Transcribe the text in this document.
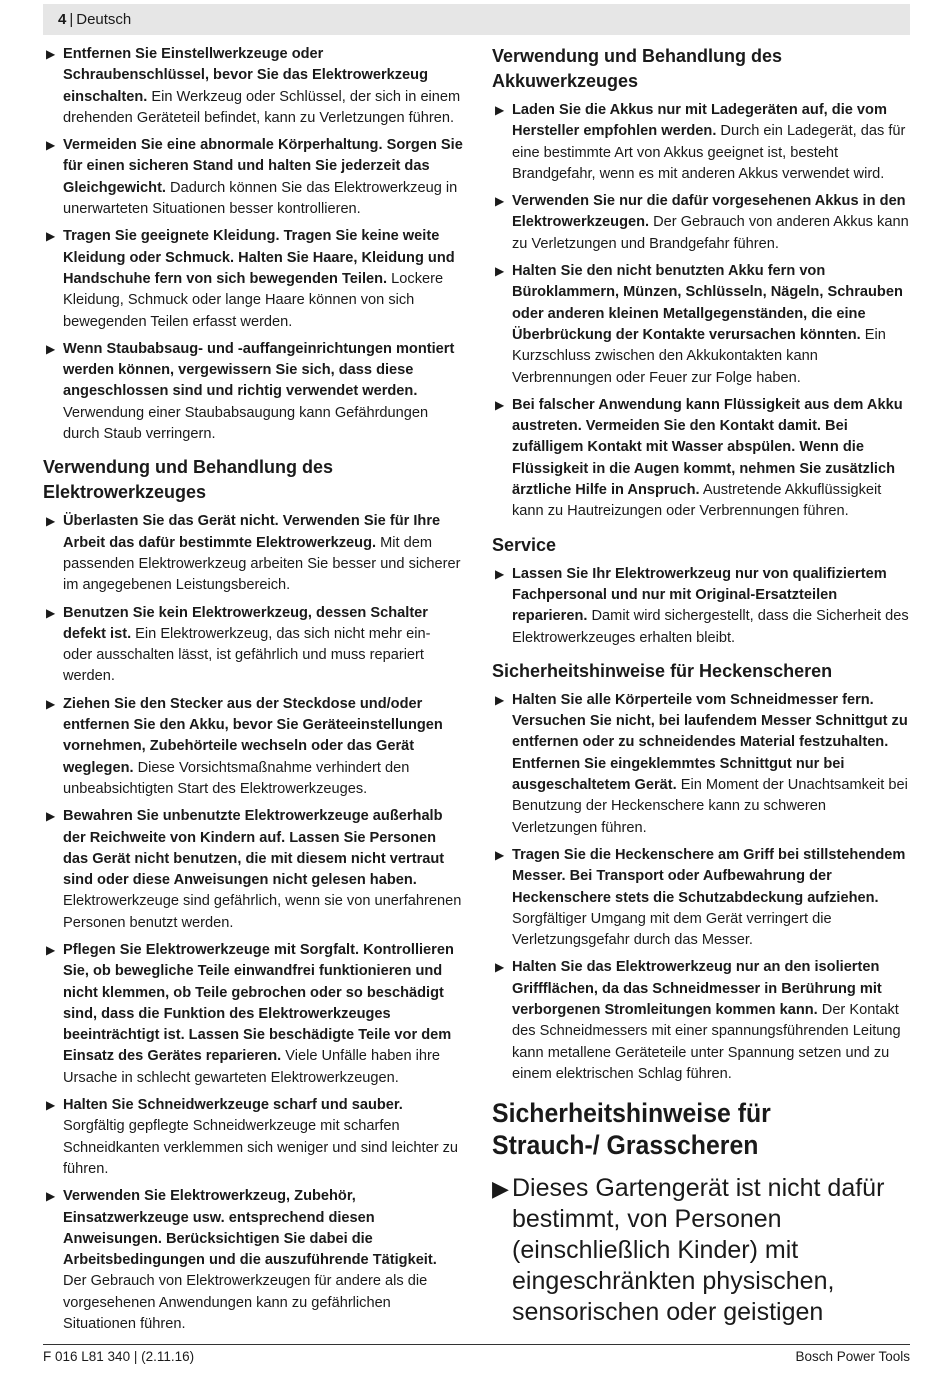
4 | Deutsch
▶ Entfernen Sie Einstellwerkzeuge oder Schraubenschlüssel, bevor Sie das Elektrowerkzeug einschalten. Ein Werkzeug oder Schlüssel, der sich in einem drehenden Geräteteil befindet, kann zu Verletzungen führen.
▶ Vermeiden Sie eine abnormale Körperhaltung. Sorgen Sie für einen sicheren Stand und halten Sie jederzeit das Gleichgewicht. Dadurch können Sie das Elektrowerkzeug in unerwarteten Situationen besser kontrollieren.
▶ Tragen Sie geeignete Kleidung. Tragen Sie keine weite Kleidung oder Schmuck. Halten Sie Haare, Kleidung und Handschuhe fern von sich bewegenden Teilen. Lockere Kleidung, Schmuck oder lange Haare können von sich bewegenden Teilen erfasst werden.
▶ Wenn Staubabsaug- und -auffangeinrichtungen montiert werden können, vergewissern Sie sich, dass diese angeschlossen sind und richtig verwendet werden. Verwendung einer Staubabsaugung kann Gefährdungen durch Staub verringern.
Verwendung und Behandlung des Elektrowerkzeuges
▶ Überlasten Sie das Gerät nicht. Verwenden Sie für Ihre Arbeit das dafür bestimmte Elektrowerkzeug. Mit dem passenden Elektrowerkzeug arbeiten Sie besser und sicherer im angegebenen Leistungsbereich.
▶ Benutzen Sie kein Elektrowerkzeug, dessen Schalter defekt ist. Ein Elektrowerkzeug, das sich nicht mehr ein- oder ausschalten lässt, ist gefährlich und muss repariert werden.
▶ Ziehen Sie den Stecker aus der Steckdose und/oder entfernen Sie den Akku, bevor Sie Geräteeinstellungen vornehmen, Zubehörteile wechseln oder das Gerät weglegen. Diese Vorsichtsmaßnahme verhindert den unbeabsichtigten Start des Elektrowerkzeuges.
▶ Bewahren Sie unbenutzte Elektrowerkzeuge außerhalb der Reichweite von Kindern auf. Lassen Sie Personen das Gerät nicht benutzen, die mit diesem nicht vertraut sind oder diese Anweisungen nicht gelesen haben. Elektrowerkzeuge sind gefährlich, wenn sie von unerfahrenen Personen benutzt werden.
▶ Pflegen Sie Elektrowerkzeuge mit Sorgfalt. Kontrollieren Sie, ob bewegliche Teile einwandfrei funktionieren und nicht klemmen, ob Teile gebrochen oder so beschädigt sind, dass die Funktion des Elektrowerkzeuges beeinträchtigt ist. Lassen Sie beschädigte Teile vor dem Einsatz des Gerätes reparieren. Viele Unfälle haben ihre Ursache in schlecht gewarteten Elektrowerkzeugen.
▶ Halten Sie Schneidwerkzeuge scharf und sauber. Sorgfältig gepflegte Schneidwerkzeuge mit scharfen Schneidkanten verklemmen sich weniger und sind leichter zu führen.
▶ Verwenden Sie Elektrowerkzeug, Zubehör, Einsatzwerkzeuge usw. entsprechend diesen Anweisungen. Berücksichtigen Sie dabei die Arbeitsbedingungen und die auszuführende Tätigkeit. Der Gebrauch von Elektrowerkzeugen für andere als die vorgesehenen Anwendungen kann zu gefährlichen Situationen führen.
Verwendung und Behandlung des Akkuwerkzeuges
▶ Laden Sie die Akkus nur mit Ladegeräten auf, die vom Hersteller empfohlen werden. Durch ein Ladegerät, das für eine bestimmte Art von Akkus geeignet ist, besteht Brandgefahr, wenn es mit anderen Akkus verwendet wird.
▶ Verwenden Sie nur die dafür vorgesehenen Akkus in den Elektrowerkzeugen. Der Gebrauch von anderen Akkus kann zu Verletzungen und Brandgefahr führen.
▶ Halten Sie den nicht benutzten Akku fern von Büroklammern, Münzen, Schlüsseln, Nägeln, Schrauben oder anderen kleinen Metallgegenständen, die eine Überbrückung der Kontakte verursachen könnten. Ein Kurzschluss zwischen den Akkukontakten kann Verbrennungen oder Feuer zur Folge haben.
▶ Bei falscher Anwendung kann Flüssigkeit aus dem Akku austreten. Vermeiden Sie den Kontakt damit. Bei zufälligem Kontakt mit Wasser abspülen. Wenn die Flüssigkeit in die Augen kommt, nehmen Sie zusätzlich ärztliche Hilfe in Anspruch. Austretende Akkuflüssigkeit kann zu Hautreizungen oder Verbrennungen führen.
Service
▶ Lassen Sie Ihr Elektrowerkzeug nur von qualifiziertem Fachpersonal und nur mit Original-Ersatzteilen reparieren. Damit wird sichergestellt, dass die Sicherheit des Elektrowerkzeuges erhalten bleibt.
Sicherheitshinweise für Heckenscheren
▶ Halten Sie alle Körperteile vom Schneidmesser fern. Versuchen Sie nicht, bei laufendem Messer Schnittgut zu entfernen oder zu schneidendes Material festzuhalten. Entfernen Sie eingeklemmtes Schnittgut nur bei ausgeschaltetem Gerät. Ein Moment der Unachtsamkeit bei Benutzung der Heckenschere kann zu schweren Verletzungen führen.
▶ Tragen Sie die Heckenschere am Griff bei stillstehendem Messer. Bei Transport oder Aufbewahrung der Heckenschere stets die Schutzabdeckung aufziehen. Sorgfältiger Umgang mit dem Gerät verringert die Verletzungsgefahr durch das Messer.
▶ Halten Sie das Elektrowerkzeug nur an den isolierten Griffflächen, da das Schneidmesser in Berührung mit verborgenen Stromleitungen kommen kann. Der Kontakt des Schneidmessers mit einer spannungsführenden Leitung kann metallene Geräteteile unter Spannung setzen und zu einem elektrischen Schlag führen.
Sicherheitshinweise für Strauch-/ Grasscheren
▶ Dieses Gartengerät ist nicht dafür bestimmt, von Personen (einschließlich Kinder) mit eingeschränkten physischen, sensorischen oder geistigen
F 016 L81 340 | (2.11.16)	Bosch Power Tools
